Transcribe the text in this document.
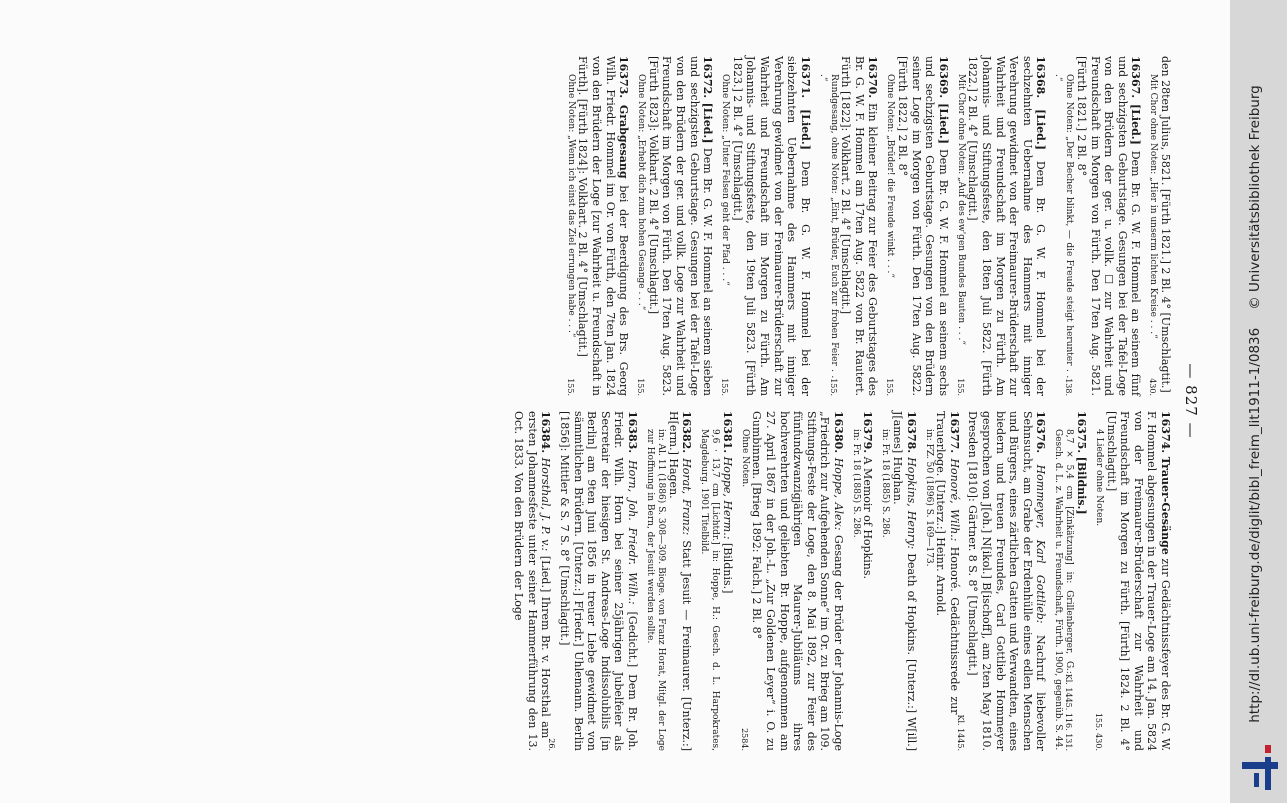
— 827 —
den 28ten Julius, 5821. [Fürth 1821.] 2 Bl. 4° [Umschlagtit.]
430.
Mit Chor ohne Noten: „Hier in unserm lichten Kreise . . .“
16367. [Lied.] Dem Br. G. W. F. Hommel an seinem fünf und sechzigsten Geburtstage. Gesungen bei der Tafel-Loge von den Brüdern der ger. u. vollk. ☐ zur Wahrheit und Freundschaft im Morgen von Fürth. Den 17ten Aug. 5821. [Fürth 1821.] 2 Bl. 8°
138.
Ohne Noten: „Der Becher blinkt, — die Freude steigt herunter . . .“
16368. [Lied.] Dem Br. G. W. F. Hommel bei der sechzehnten Uebernahme des Hammers mit inniger Verehrung gewidmet von der Freimaurer-Brüderschaft zur Wahrheit und Freundschaft im Morgen zu Fürth. Am Johannis- und Stiftungsfeste, den 18ten Juli 5822. [Fürth 1822.] 2 Bl. 4° [Umschlagtit.]
155.
Mit Chor ohne Noten: „Auf des ew'gen Bundes Bauten . . .“
16369. [Lied.] Dem Br. G. W. F. Hommel an seinem sechs und sechzigsten Geburtstage. Gesungen von den Brüdern seiner Loge im Morgen von Fürth. Den 17ten Aug. 5822. [Fürth 1822.] 2 Bl. 8°
155.
Ohne Noten: „Brüder! die Freude winkt . . .“
16370. Ein kleiner Beitrag zur Feier des Geburtstages des Br. G. W. F. Hommel am 17ten Aug. 5822 von Br. Rautert. Fürth [1822]: Volkhart. 2 Bl. 4° [Umschlagtit.]
155.
Rundgesang, ohne Noten: „Eint, Brüder, Euch zur frohen Feier . . .“
16371. [Lied.] Dem Br. G. W. F. Hommel bei der siebzehnten Uebernahme des Hammers mit inniger Verehrung gewidmet von der Freimaurer-Brüderschaft zur Wahrheit und Freundschaft im Morgen zu Fürth. Am Johannis- und Stiftungsfeste, den 19ten Juli 5823. [Fürth 1823.] 2 Bl. 4° [Umschlagtit.]
155.
Ohne Noten: „Unter Felsen geht der Pfad . . .“
16372. [Lied.] Dem Br. G. W. F. Hommel an seinem sieben und sechzigsten Geburtstage. Gesungen bei der Tafel-Loge von den Brüdern der ger. und vollk. Loge zur Wahrheit und Freundschaft im Morgen von Fürth. Den 17ten Aug. 5823. [Fürth 1823]: Volkhart. 2 Bl. 4° [Umschlagtit.]
155.
Ohne Noten: „Erhebt dich zum hohen Gesange . . .“
16373. Grabgesang bei der Beerdigung des Brs. Georg Wilh. Friedr. Hommel im Or. von Fürth, den 7ten Jan. 1824 von den Brüdern der Loge [zur Wahrheit u. Freundschaft in Fürth]. [Fürth 1824]: Volkhart. 2 Bl. 4° [Umschlagtit.]
155.
Ohne Noten: „Wenn ich einst das Ziel errungen habe . . .“
16374. Trauer-Gesänge zur Gedächtnissfeyer des Br. G. W. F. Hommel abgesungen in der Trauer-Loge am 14. Jan. 5824 von der Freimaurer-Brüderschaft zur Wahrheit und Freundschaft im Morgen zu Fürth. [Fürth] 1824. 2 Bl. 4° [Umschlagtit.]
155. 430.
4 Lieder ohne Noten.
16375. [Bildnis.]
Kl. 1445. 116. 131.
8,7 × 5,4 cm [Zinkätzung] in: Grillenberger, G.: Gesch. d. L. z. Wahrheit u. Freundschaft, Fürth. 1900, gegenüb. S. 44.
16376. Hommeyer, Karl Gottlieb: Nachruf liebevoller Sehnsucht, am Grabe der Erdenhülle eines edlen Menschen und Bürgers, eines zärtlichen Gatten und Verwandten, eines biedern und treuen Freundes, Carl Gottlieb Hommeyer gesprochen von J[oh.] N[ikol.] B[ischoff], am 2ten May 1810. Dresden [1810]: Gärtner. 8 S. 8° [Umschlagtit.]
Kl. 1445.
16377. Honoré, Wilh.: Honoré. Gedächtnissrede zur Trauerloge. [Unterz.:] Heinr. Arnold.
in: FZ. 50 (1896) S. 169—173.
16378. Hopkins, Henry: Death of Hopkins. [Unterz.:] W[ill.] J[ames] Hughan.
in: Fr. 18 (1885) S. 286.
16379. A Memoir of Hopkins.
in: Fr. 18 (1885) S. 286.
16380. Hoppe, Alex: Gesang der Brüder der Johannis-Loge „Friedrich zur Aufgehenden Sonne“ im Or. zu Brieg am 109. Stiftungs-Feste der Loge, den 8. Mai 1892, zur Feier des fünfundzwanzigjährigen Maurer-Jubiläums ihres hochverehrten und geliebten Br. Hoppe, aufgenommen am 27. April 1867 in der Joh.-L. „Zur Goldenen Leyer“ i. O. zu Gumbinnen. [Brieg 1892: Falch.] 2 Bl. 8°
2584.
Ohne Noten.
16381. Hoppe, Herm.: [Bildnis.]
9,6 · 13,7 cm [Lichtdr.] in: Hoppe, H.: Gesch. d. L. Harpokrates, Magdeburg. 1901 Titelbild.
16382. Horat, Franz: Statt Jesuit — Freimaurer. [Unterz.:] H[erm.] Hagen.
in: Al. 11 (1886) S. 308—309. Bioge. von Franz Horat, Mitgl. der Loge zur Hoffnung in Bern, der Jesuit werden sollte.
16383. Horn, Joh. Friedr. Wilh.: [Gedicht.] Dem Br. Joh. Friedr. Wilh. Horn bei seiner 25jährigen Jubelfeier als Secretair der hiesigen St. Andreas-Loge Indissolubilis [in Berlin] am 9ten Juni 1856 in treuer Liebe gewidmet von sämmtlichen Brüdern. [Unterz.:] F[riedr.] Uhlemann. Berlin [1856]: Mittler & S. 7 S. 8° [Umschlagtit.]
26.
16384. Horsthal, J. P. v.: [Lied.] Ihrem Br. v. Horsthal am ersten Johannesfeste unter seiner Hammerführung den 13. Oct. 1833. Von den Brüdern der Loge	http://dl.ub.uni-freiburg.de/diglit/bibl_freim_lit1911-1/0836© Universitätsbibliothek Freiburg
